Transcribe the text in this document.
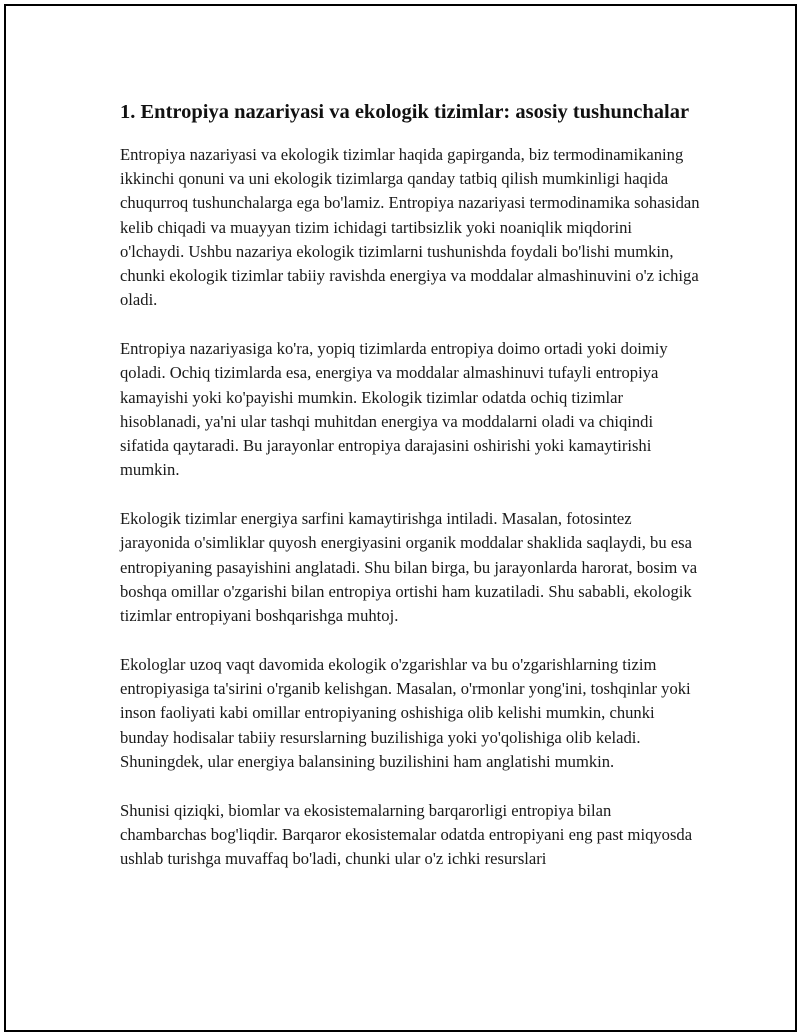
1. Entropiya nazariyasi va ekologik tizimlar: asosiy tushunchalar

Entropiya nazariyasi va ekologik tizimlar haqida gapirganda, biz termodinamikaning ikkinchi qonuni va uni ekologik tizimlarga qanday tatbiq qilish mumkinligi haqida chuqurroq tushunchalarga ega bo'lamiz. Entropiya nazariyasi termodinamika sohasidan kelib chiqadi va muayyan tizim ichidagi tartibsizlik yoki noaniqlik miqdorini o'lchaydi. Ushbu nazariya ekologik tizimlarni tushunishda foydali bo'lishi mumkin, chunki ekologik tizimlar tabiiy ravishda energiya va moddalar almashinuvini o'z ichiga oladi.

Entropiya nazariyasiga ko'ra, yopiq tizimlarda entropiya doimo ortadi yoki doimiy qoladi. Ochiq tizimlarda esa, energiya va moddalar almashinuvi tufayli entropiya kamayishi yoki ko'payishi mumkin. Ekologik tizimlar odatda ochiq tizimlar hisoblanadi, ya'ni ular tashqi muhitdan energiya va moddalarni oladi va chiqindi sifatida qaytaradi. Bu jarayonlar entropiya darajasini oshirishi yoki kamaytirishi mumkin.

Ekologik tizimlar energiya sarfini kamaytirishga intiladi. Masalan, fotosintez jarayonida o'simliklar quyosh energiyasini organik moddalar shaklida saqlaydi, bu esa entropiyaning pasayishini anglatadi. Shu bilan birga, bu jarayonlarda harorat, bosim va boshqa omillar o'zgarishi bilan entropiya ortishi ham kuzatiladi. Shu sababli, ekologik tizimlar entropiyani boshqarishga muhtoj.

Ekologlar uzoq vaqt davomida ekologik o'zgarishlar va bu o'zgarishlarning tizim entropiyasiga ta'sirini o'rganib kelishgan. Masalan, o'rmonlar yong'ini, toshqinlar yoki inson faoliyati kabi omillar entropiyaning oshishiga olib kelishi mumkin, chunki bunday hodisalar tabiiy resurslarning buzilishiga yoki yo'qolishiga olib keladi. Shuningdek, ular energiya balansining buzilishini ham anglatishi mumkin.

Shunisi qiziqki, biomlar va ekosistemalarning barqarorligi entropiya bilan chambarchas bog'liqdir. Barqaror ekosistemalar odatda entropiyani eng past miqyosda ushlab turishga muvaffaq bo'ladi, chunki ular o'z ichki resurslari
